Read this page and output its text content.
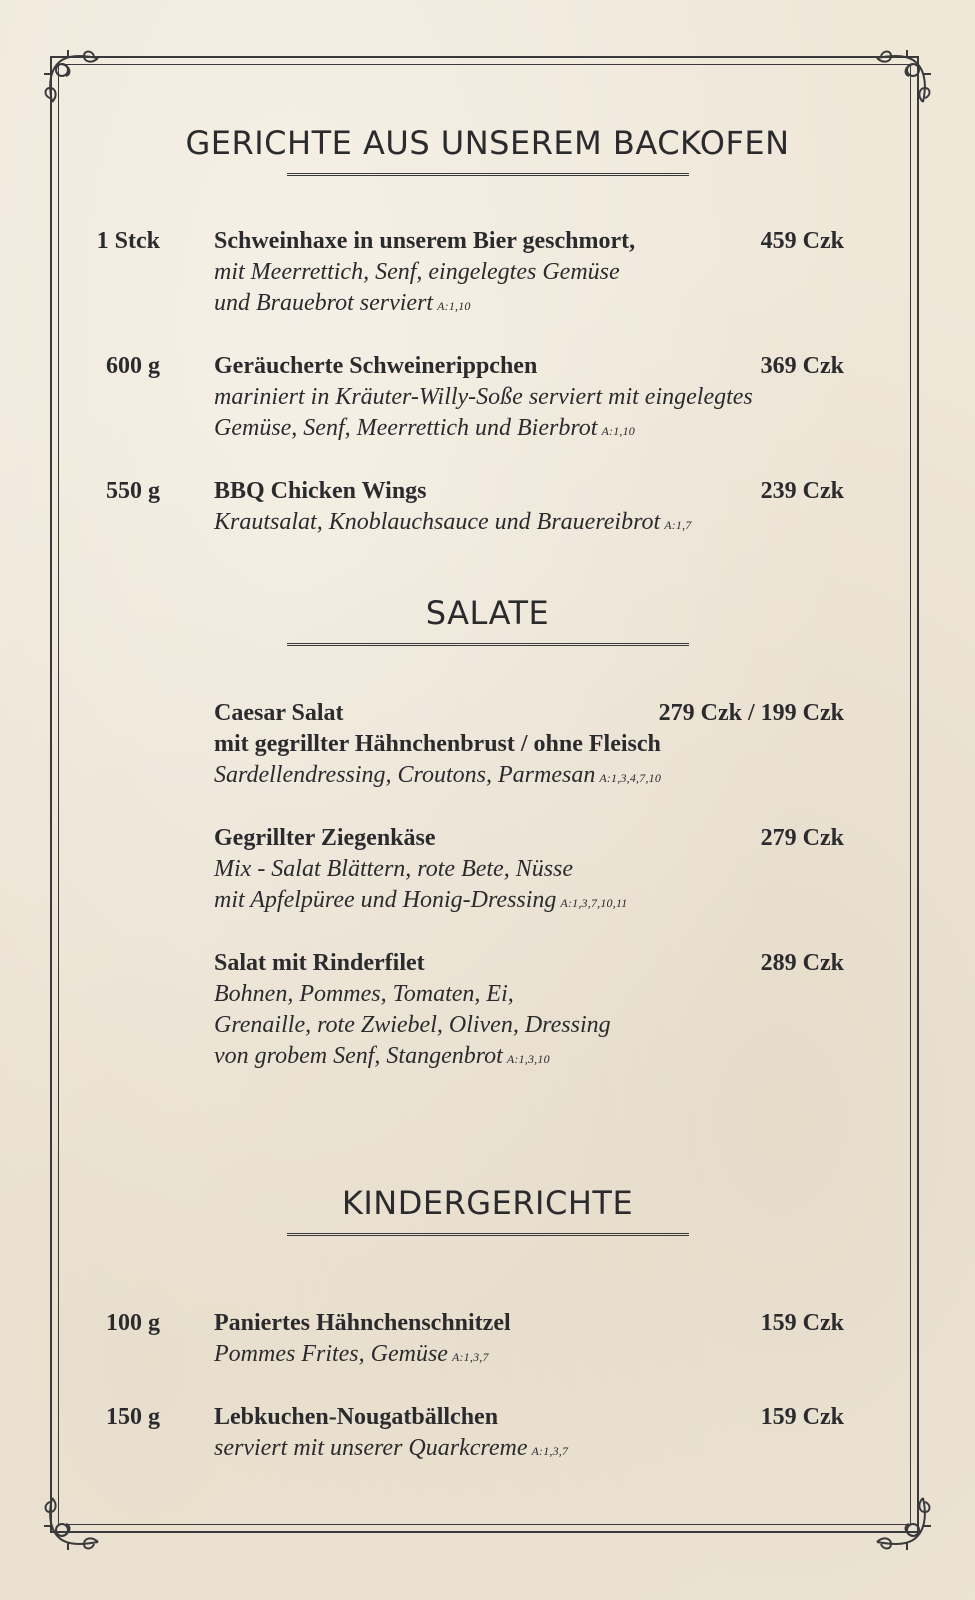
GERICHTE AUS UNSEREM BACKOFEN
1 Stck Schweinhaxe in unserem Bier geschmort,	459 Czk
mit Meerrettich, Senf, eingelegtes Gemüse
und Brauebrot serviert A:1,10
600 g Geräucherte Schweinerippchen	369 Czk
mariniert in Kräuter-Willy-Soße serviert mit eingelegtes
Gemüse, Senf, Meerrettich und Bierbrot A:1,10
550 g BBQ Chicken Wings	239 Czk
Krautsalat, Knoblauchsauce und Brauereibrot A:1,7
SALATE
Caesar Salat	279 Czk / 199 Czk
mit gegrillter Hähnchenbrust / ohne Fleisch
Sardellendressing, Croutons, Parmesan A:1,3,4,7,10
Gegrillter Ziegenkäse	279 Czk
Mix - Salat Blättern, rote Bete, Nüsse
mit Apfelpüree und Honig-Dressing A:1,3,7,10,11
Salat mit Rinderfilet	289 Czk
Bohnen, Pommes, Tomaten, Ei,
Grenaille, rote Zwiebel, Oliven, Dressing
von grobem Senf, Stangenbrot A:1,3,10
KINDERGERICHTE
100 g Paniertes Hähnchenschnitzel	159 Czk
Pommes Frites, Gemüse A:1,3,7
150 g Lebkuchen-Nougatbällchen	159 Czk
serviert mit unserer Quarkcreme A:1,3,7
